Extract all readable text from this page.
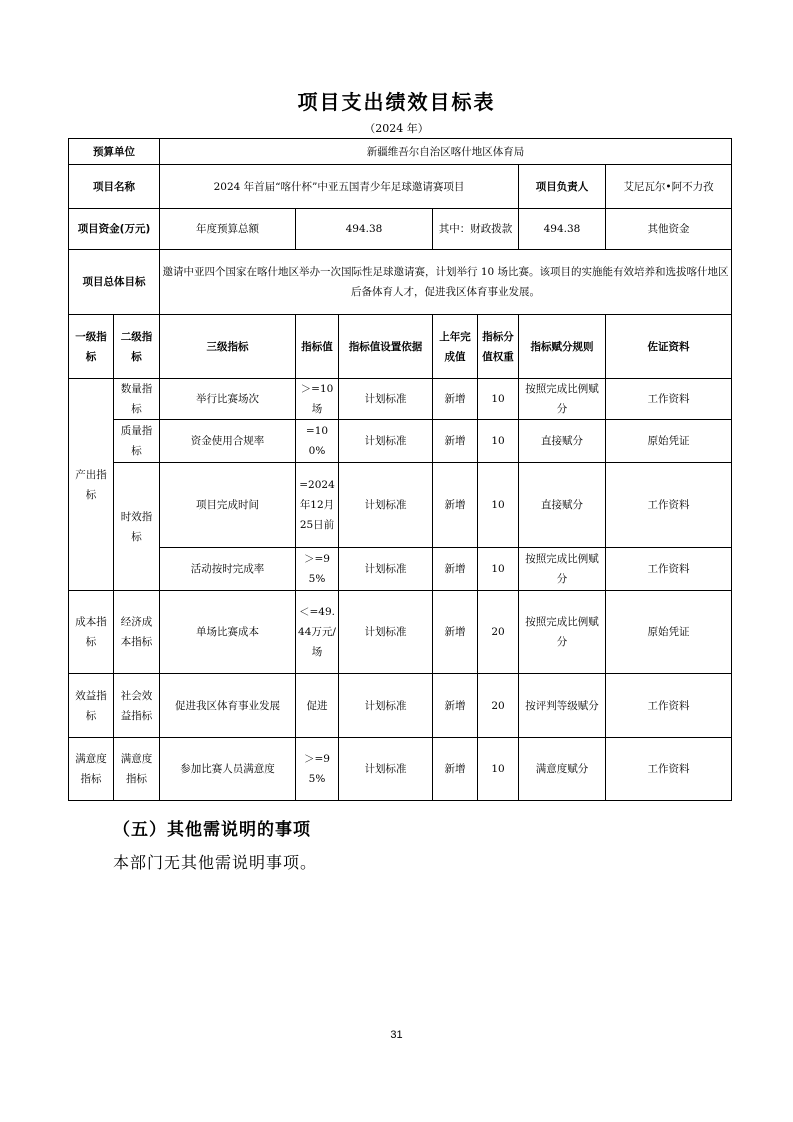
项目支出绩效目标表
（2024 年）
预算单位		新疆维吾尔自治区喀什地区体育局						
项目名称		2024 年首届“喀什杯”中亚五国青少年足球邀请赛项目					项目负责人	艾尼瓦尔•阿不力孜
项目资金(万元)		年度预算总额	494.38		其中：财政拨款		494.38	其他资金
项目总体目标		邀请中亚四个国家在喀什地区举办一次国际性足球邀请赛，计划举行 10 场比赛。该项目的实施能有效培养和选拔喀什地区后备体育人才，促进我区体育事业发展。						
一级指标	二级指标	三级指标	指标值	指标值设置依据	上年完成值	指标分值权重	指标赋分规则	佐证资料
产出指标	数量指标	举行比赛场次	＞=10场	计划标准	新增	10	按照完成比例赋分	工作资料
	质量指标	资金使用合规率	=100%	计划标准	新增	10	直接赋分	原始凭证
	时效指标	项目完成时间	=2024年12月25日前	计划标准	新增	10	直接赋分	工作资料
		活动按时完成率	＞=95%	计划标准	新增	10	按照完成比例赋分	工作资料
成本指标	经济成本指标	单场比赛成本	＜=49.44万元/场	计划标准	新增	20	按照完成比例赋分	原始凭证
效益指标	社会效益指标	促进我区体育事业发展	促进	计划标准	新增	20	按评判等级赋分	工作资料
满意度指标	满意度指标	参加比赛人员满意度	＞=95%	计划标准	新增	10	满意度赋分	工作资料
（五）其他需说明的事项
本部门无其他需说明事项。
31
